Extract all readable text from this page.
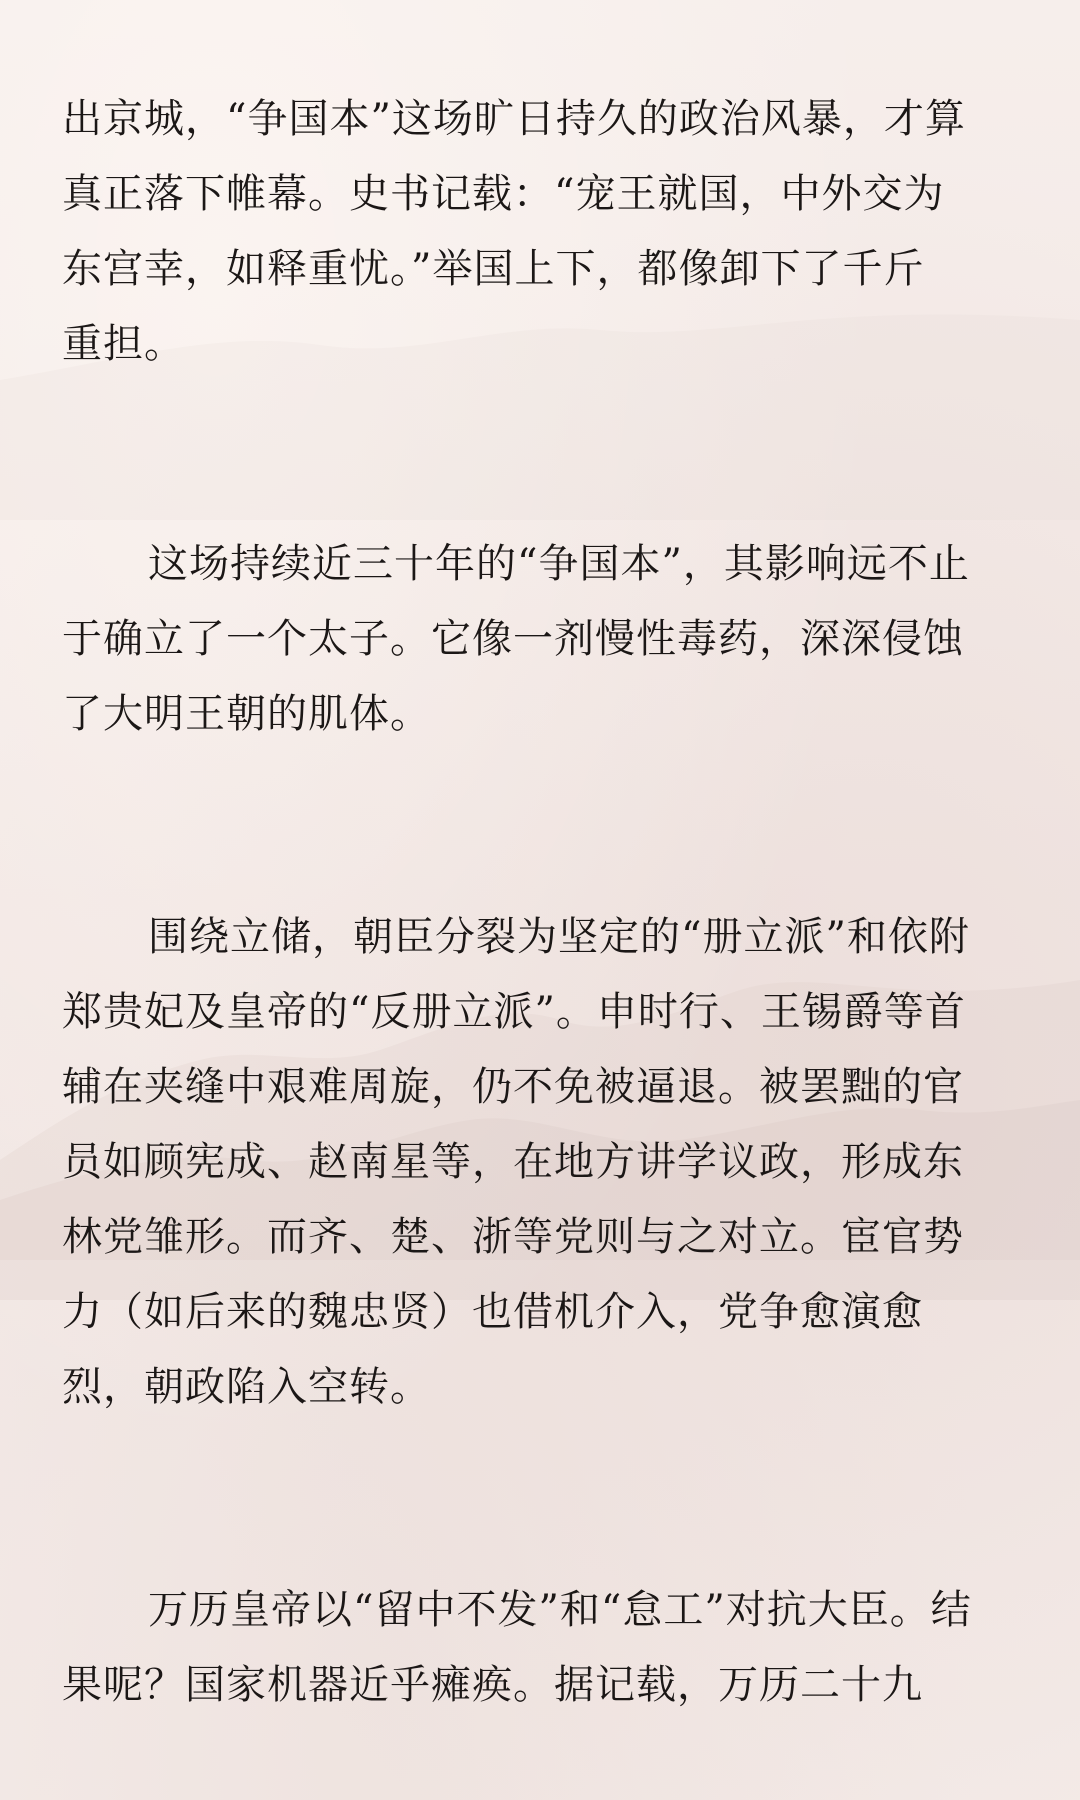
出京城，“争国本”这场旷日持久的政治风暴，才算
真正落下帷幕。史书记载：“宠王就国，中外交为
东宫幸，如释重忧。”举国上下，都像卸下了千斤
重担。

这场持续近三十年的“争国本”，其影响远不止
于确立了一个太子。它像一剂慢性毒药，深深侵蚀
了大明王朝的肌体。

围绕立储，朝臣分裂为坚定的“册立派”和依附
郑贵妃及皇帝的“反册立派”。申时行、王锡爵等首
辅在夹缝中艰难周旋，仍不免被逼退。被罢黜的官
员如顾宪成、赵南星等，在地方讲学议政，形成东
林党雏形。而齐、楚、浙等党则与之对立。宦官势
力（如后来的魏忠贤）也借机介入，党争愈演愈
烈，朝政陷入空转。

万历皇帝以“留中不发”和“怠工”对抗大臣。结
果呢？国家机器近乎瘫痪。据记载，万历二十九
